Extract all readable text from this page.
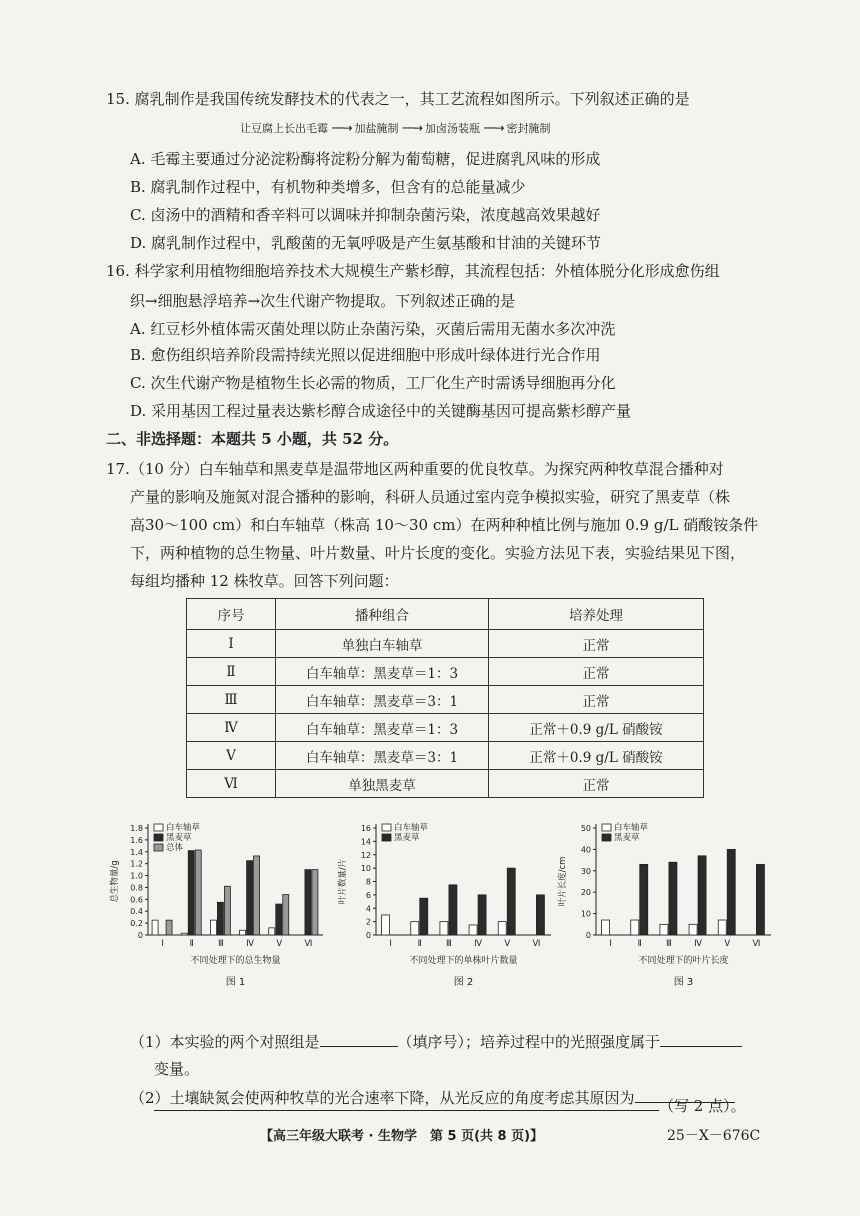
15. 腐乳制作是我国传统发酵技术的代表之一，其工艺流程如图所示。下列叙述正确的是
让豆腐上长出毛霉 ──→ 加盐腌制 ──→ 加卤汤装瓶 ──→ 密封腌制
A. 毛霉主要通过分泌淀粉酶将淀粉分解为葡萄糖，促进腐乳风味的形成
B. 腐乳制作过程中，有机物种类增多，但含有的总能量减少
C. 卤汤中的酒精和香辛料可以调味并抑制杂菌污染，浓度越高效果越好
D. 腐乳制作过程中，乳酸菌的无氧呼吸是产生氨基酸和甘油的关键环节
16. 科学家利用植物细胞培养技术大规模生产紫杉醇，其流程包括：外植体脱分化形成愈伤组
织→细胞悬浮培养→次生代谢产物提取。下列叙述正确的是
A. 红豆杉外植体需灭菌处理以防止杂菌污染，灭菌后需用无菌水多次冲洗
B. 愈伤组织培养阶段需持续光照以促进细胞中形成叶绿体进行光合作用
C. 次生代谢产物是植物生长必需的物质，工厂化生产时需诱导细胞再分化
D. 采用基因工程过量表达紫杉醇合成途径中的关键酶基因可提高紫杉醇产量
二、非选择题：本题共 5 小题，共 52 分。
17.（10 分）白车轴草和黑麦草是温带地区两种重要的优良牧草。为探究两种牧草混合播种对
产量的影响及施氮对混合播种的影响，科研人员通过室内竞争模拟实验，研究了黑麦草（株
高30～100 cm）和白车轴草（株高 10～30 cm）在两种种植比例与施加 0.9 g/L 硝酸铵条件
下，两种植物的总生物量、叶片数量、叶片长度的变化。实验方法见下表，实验结果见下图，
每组均播种 12 株牧草。回答下列问题：
序号	播种组合	培养处理
Ⅰ	单独白车轴草	正常
Ⅱ	白车轴草：黑麦草＝1：3	正常
Ⅲ	白车轴草：黑麦草＝3：1	正常
Ⅳ	白车轴草：黑麦草＝1：3	正常＋0.9 g/L 硝酸铵
Ⅴ	白车轴草：黑麦草＝3：1	正常＋0.9 g/L 硝酸铵
Ⅵ	单独黑麦草	正常
0
0.2
0.4
0.6
0.8
1.0
1.2
1.4
1.6
1.8
总生物量/g
Ⅰ	Ⅱ	Ⅲ	Ⅳ	Ⅴ	Ⅵ
白车轴草
黑麦草
总体
不同处理下的总生物量
图 1
0
2
4
6
8
10
12
14
16
叶片数量/片
Ⅰ	Ⅱ	Ⅲ	Ⅳ	Ⅴ	Ⅵ
白车轴草
黑麦草
不同处理下的单株叶片数量
图 2
0
10
20
30
40
50
叶片长度/cm
Ⅰ	Ⅱ	Ⅲ	Ⅳ	Ⅴ	Ⅵ
白车轴草
黑麦草
不同处理下的叶片长度
图 3
（1）本实验的两个对照组是	（填序号）；培养过程中的光照强度属于
变量。
（2）土壤缺氮会使两种牧草的光合速率下降，从光反应的角度考虑其原因为	（写 2 点）。
【高三年级大联考 · 生物学　第 5 页(共 8 页)】	25－X－676C
